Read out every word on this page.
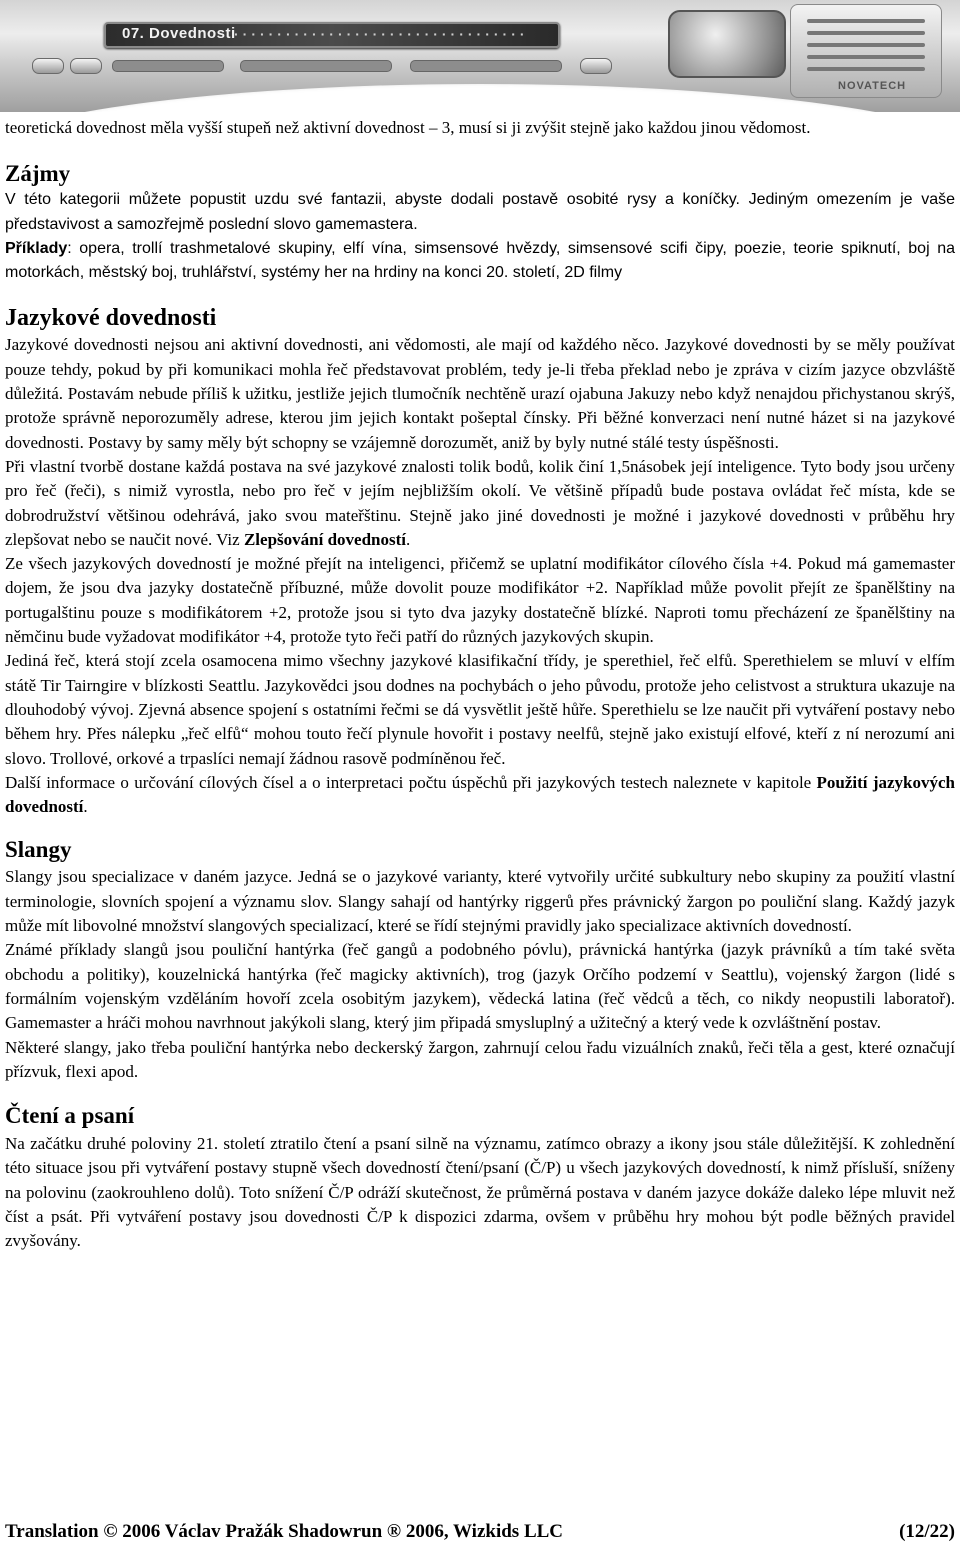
07. Dovednosti
··································
NOVATECH

teoretická dovednost měla vyšší stupeň než aktivní dovednost – 3, musí si ji zvýšit stejně jako každou jinou vědomost.

Zájmy

V této kategorii můžete popustit uzdu své fantazii, abyste dodali postavě osobité rysy a koníčky. Jediným omezením je vaše představivost a samozřejmě poslední slovo gamemastera.

Příklady: opera, trollí trashmetalové skupiny, elfí vína, simsensové hvězdy, simsensové scifi čipy, poezie, teorie spiknutí, boj na motorkách, městský boj, truhlářství, systémy her na hrdiny na konci 20. století, 2D filmy

Jazykové dovednosti

Jazykové dovednosti nejsou ani aktivní dovednosti, ani vědomosti, ale mají od každého něco. Jazykové dovednosti by se měly používat pouze tehdy, pokud by při komunikaci mohla řeč představovat problém, tedy je-li třeba překlad nebo je zpráva v cizím jazyce obzvláště důležitá. Postavám nebude příliš k užitku, jestliže jejich tlumočník nechtěně urazí ojabuna Jakuzy nebo když nenajdou přichystanou skrýš, protože správně neporozuměly adrese, kterou jim jejich kontakt pošeptal čínsky. Při běžné konverzaci není nutné házet si na jazykové dovednosti. Postavy by samy měly být schopny se vzájemně dorozumět, aniž by byly nutné stálé testy úspěšnosti.

Při vlastní tvorbě dostane každá postava na své jazykové znalosti tolik bodů, kolik činí 1,5násobek její inteligence. Tyto body jsou určeny pro řeč (řeči), s nimiž vyrostla, nebo pro řeč v jejím nejbližším okolí. Ve většině případů bude postava ovládat řeč místa, kde se dobrodružství většinou odehrává, jako svou mateřštinu. Stejně jako jiné dovednosti je možné i jazykové dovednosti v průběhu hry zlepšovat nebo se naučit nové. Viz Zlepšování dovedností.

Ze všech jazykových dovedností je možné přejít na inteligenci, přičemž se uplatní modifikátor cílového čísla +4. Pokud má gamemaster dojem, že jsou dva jazyky dostatečně příbuzné, může dovolit pouze modifikátor +2. Například může povolit přejít ze španělštiny na portugalštinu pouze s modifikátorem +2, protože jsou si tyto dva jazyky dostatečně blízké. Naproti tomu přecházení ze španělštiny na němčinu bude vyžadovat modifikátor +4, protože tyto řeči patří do různých jazykových skupin.

Jediná řeč, která stojí zcela osamocena mimo všechny jazykové klasifikační třídy, je sperethiel, řeč elfů. Sperethielem se mluví v elfím státě Tir Tairngire v blízkosti Seattlu. Jazykovědci jsou dodnes na pochybách o jeho původu, protože jeho celistvost a struktura ukazuje na dlouhodobý vývoj. Zjevná absence spojení s ostatními řečmi se dá vysvětlit ještě hůře. Sperethielu se lze naučit při vytváření postavy nebo během hry. Přes nálepku „řeč elfů“ mohou touto řečí plynule hovořit i postavy neelfů, stejně jako existují elfové, kteří z ní nerozumí ani slovo. Trollové, orkové a trpaslíci nemají žádnou rasově podmíněnou řeč.

Další informace o určování cílových čísel a o interpretaci počtu úspěchů při jazykových testech naleznete v kapitole Použití jazykových dovedností.

Slangy

Slangy jsou specializace v daném jazyce. Jedná se o jazykové varianty, které vytvořily určité subkultury nebo skupiny za použití vlastní terminologie, slovních spojení a významu slov. Slangy sahají od hantýrky riggerů přes právnický žargon po pouliční slang. Každý jazyk může mít libovolné množství slangových specializací, které se řídí stejnými pravidly jako specializace aktivních dovedností.

Známé příklady slangů jsou pouliční hantýrka (řeč gangů a podobného póvlu), právnická hantýrka (jazyk právníků a tím také světa obchodu a politiky), kouzelnická hantýrka (řeč magicky aktivních), trog (jazyk Orčího podzemí v Seattlu), vojenský žargon (lidé s formálním vojenským vzděláním hovoří zcela osobitým jazykem), vědecká latina (řeč vědců a těch, co nikdy neopustili laboratoř). Gamemaster a hráči mohou navrhnout jakýkoli slang, který jim připadá smysluplný a užitečný a který vede k ozvláštnění postav.

Některé slangy, jako třeba pouliční hantýrka nebo deckerský žargon, zahrnují celou řadu vizuálních znaků, řeči těla a gest, které označují přízvuk, flexi apod.

Čtení a psaní

Na začátku druhé poloviny 21. století ztratilo čtení a psaní silně na významu, zatímco obrazy a ikony jsou stále důležitější. K zohlednění této situace jsou při vytváření postavy stupně všech dovedností čtení/psaní (Č/P) u všech jazykových dovedností, k nimž přísluší, sníženy na polovinu (zaokrouhleno dolů). Toto snížení Č/P odráží skutečnost, že průměrná postava v daném jazyce dokáže daleko lépe mluvit než číst a psát. Při vytváření postavy jsou dovednosti Č/P k dispozici zdarma, ovšem v průběhu hry mohou být podle běžných pravidel zvyšovány.

Translation © 2006 Václav Pražák Shadowrun ® 2006, Wizkids LLC	(12/22)
